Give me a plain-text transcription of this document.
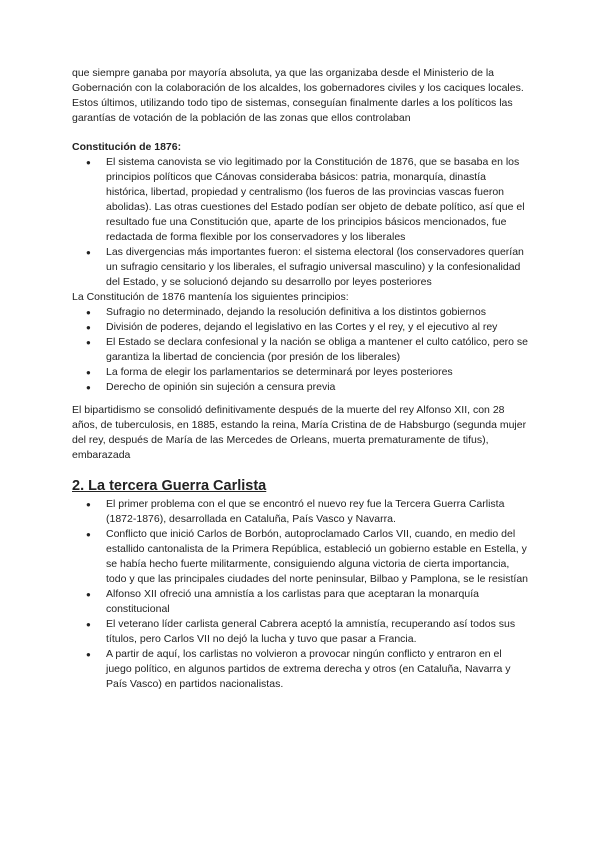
que siempre ganaba por mayoría absoluta, ya que las organizaba desde el Ministerio de la Gobernación con la colaboración de los alcaldes, los gobernadores civiles y los caciques locales. Estos últimos, utilizando todo tipo de sistemas, conseguían finalmente darles a los políticos las garantías de votación de la población de las zonas que ellos controlaban

Constitución de 1876:

● El sistema canovista se vio legitimado por la Constitución de 1876, que se basaba en los principios políticos que Cánovas consideraba básicos: patria, monarquía, dinastía histórica, libertad, propiedad y centralismo (los fueros de las provincias vascas fueron abolidas). Las otras cuestiones del Estado podían ser objeto de debate político, así que el resultado fue una Constitución que, aparte de los principios básicos mencionados, fue redactada de forma flexible por los conservadores y los liberales
● Las divergencias más importantes fueron: el sistema electoral (los conservadores querían un sufragio censitario y los liberales, el sufragio universal masculino) y la confesionalidad del Estado, y se solucionó dejando su desarrollo por leyes posteriores

La Constitución de 1876 mantenía los siguientes principios:

● Sufragio no determinado, dejando la resolución definitiva a los distintos gobiernos
● División de poderes, dejando el legislativo en las Cortes y el rey, y el ejecutivo al rey
● El Estado se declara confesional y la nación se obliga a mantener el culto católico, pero se garantiza la libertad de conciencia (por presión de los liberales)
● La forma de elegir los parlamentarios se determinará por leyes posteriores
● Derecho de opinión sin sujeción a censura previa

El bipartidismo se consolidó definitivamente después de la muerte del rey Alfonso XII, con 28 años, de tuberculosis, en 1885, estando la reina, María Cristina de de Habsburgo (segunda mujer del rey, después de María de las Mercedes de Orleans, muerta prematuramente de tifus), embarazada

2. La tercera Guerra Carlista

● El primer problema con el que se encontró el nuevo rey fue la Tercera Guerra Carlista (1872-1876), desarrollada en Cataluña, País Vasco y Navarra.
● Conflicto que inició Carlos de Borbón, autoproclamado Carlos VII, cuando, en medio del estallido cantonalista de la Primera República, estableció un gobierno estable en Estella, y se había hecho fuerte militarmente, consiguiendo alguna victoria de cierta importancia, todo y que las principales ciudades del norte peninsular, Bilbao y Pamplona, se le resistían
● Alfonso XII ofreció una amnistía a los carlistas para que aceptaran la monarquía constitucional
● El veterano líder carlista general Cabrera aceptó la amnistía, recuperando así todos sus títulos, pero Carlos VII no dejó la lucha y tuvo que pasar a Francia.
● A partir de aquí, los carlistas no volvieron a provocar ningún conflicto y entraron en el juego político, en algunos partidos de extrema derecha y otros (en Cataluña, Navarra y País Vasco) en partidos nacionalistas.
